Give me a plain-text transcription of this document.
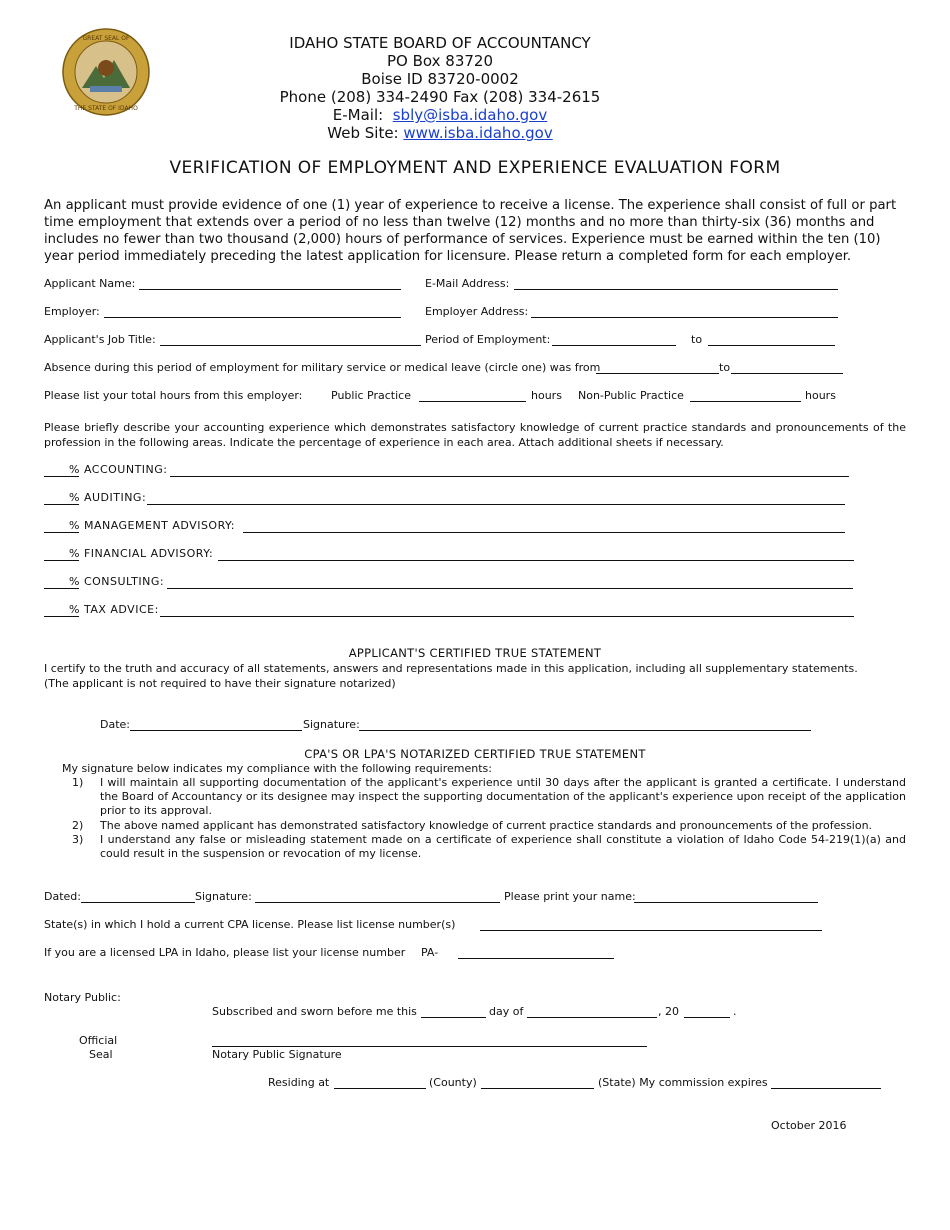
GREAT SEAL OF
THE STATE OF IDAHO
IDAHO STATE BOARD OF ACCOUNTANCY
PO Box 83720
Boise ID 83720-0002
Phone (208) 334-2490 Fax (208) 334-2615
E-Mail: sbly@isba.idaho.gov
Web Site: www.isba.idaho.gov
VERIFICATION OF EMPLOYMENT AND EXPERIENCE EVALUATION FORM
An applicant must provide evidence of one (1) year of experience to receive a license. The experience shall consist of full or part time employment that extends over a period of no less than twelve (12) months and no more than thirty-six (36) months and includes no fewer than two thousand (2,000) hours of performance of services. Experience must be earned within the ten (10) year period immediately preceding the latest application for licensure. Please return a completed form for each employer.
Applicant Name:	E-Mail Address:
Employer:	Employer Address:
Applicant's Job Title:	Period of Employment:	to
Absence during this period of employment for military service or medical leave (circle one) was from	to
Please list your total hours from this employer:	Public Practice	hours Non-Public Practice	hours
Please briefly describe your accounting experience which demonstrates satisfactory knowledge of current practice standards and pronouncements of the profession in the following areas. Indicate the percentage of experience in each area. Attach additional sheets if necessary.
% ACCOUNTING:
% AUDITING:
% MANAGEMENT ADVISORY:
% FINANCIAL ADVISORY:
% CONSULTING:
% TAX ADVICE:
APPLICANT'S CERTIFIED TRUE STATEMENT
I certify to the truth and accuracy of all statements, answers and representations made in this application, including all supplementary statements. (The applicant is not required to have their signature notarized)
Date:	Signature:
CPA'S OR LPA'S NOTARIZED CERTIFIED TRUE STATEMENT
My signature below indicates my compliance with the following requirements:
1) I will maintain all supporting documentation of the applicant's experience until 30 days after the applicant is granted a certificate. I understand the Board of Accountancy or its designee may inspect the supporting documentation of the applicant's experience upon receipt of the application prior to its approval.
2) The above named applicant has demonstrated satisfactory knowledge of current practice standards and pronouncements of the profession.
3) I understand any false or misleading statement made on a certificate of experience shall constitute a violation of Idaho Code 54-219(1)(a) and could result in the suspension or revocation of my license.
Dated:	Signature:	Please print your name:
State(s) in which I hold a current CPA license. Please list license number(s)
If you are a licensed LPA in Idaho, please list your license number PA-
Notary Public:
Subscribed and sworn before me this	day of	, 20	.
Official
Seal	Notary Public Signature
Residing at	(County)	(State) My commission expires
October 2016
